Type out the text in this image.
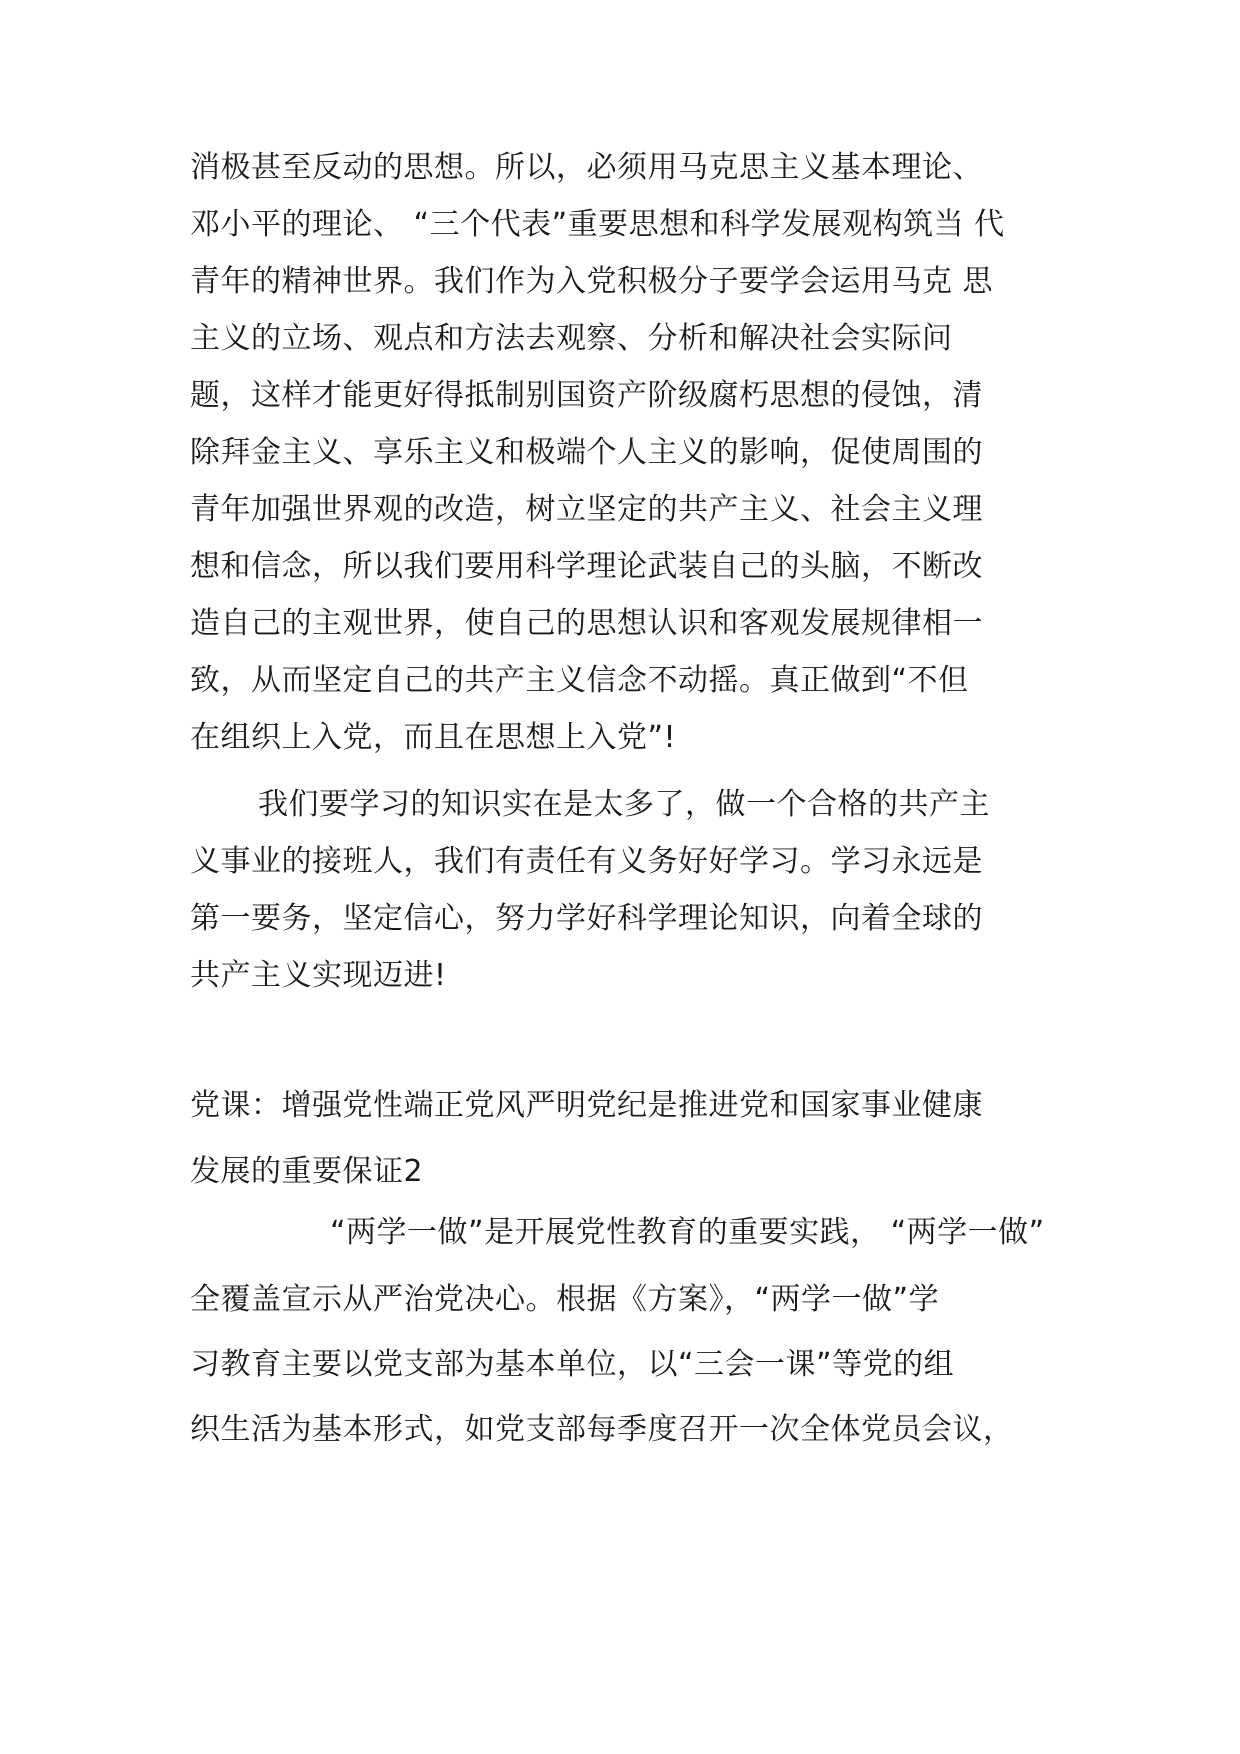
消极甚至反动的思想。所以，必须用马克思主义基本理论、
邓小平的理论、 “三个代表”重要思想和科学发展观构筑当 代
青年的精神世界。我们作为入党积极分子要学会运用马克 思
主义的立场、观点和方法去观察、分析和解决社会实际问
题，这样才能更好得抵制别国资产阶级腐朽思想的侵蚀，清
除拜金主义、享乐主义和极端个人主义的影响，促使周围的
青年加强世界观的改造，树立坚定的共产主义、社会主义理
想和信念，所以我们要用科学理论武装自己的头脑，不断改
造自己的主观世界，使自己的思想认识和客观发展规律相一
致，从而坚定自己的共产主义信念不动摇。真正做到“不但
在组织上入党，而且在思想上入党”!
我们要学习的知识实在是太多了，做一个合格的共产主
义事业的接班人，我们有责任有义务好好学习。学习永远是
第一要务，坚定信心，努力学好科学理论知识，向着全球的
共产主义实现迈进!
党课：增强党性端正党风严明党纪是推进党和国家事业健康
发展的重要保证2
“两学一做”是开展党性教育的重要实践， “两学一做”
全覆盖宣示从严治党决心。根据《方案》，“两学一做”学
习教育主要以党支部为基本单位，以“三会一课”等党的组
织生活为基本形式，如党支部每季度召开一次全体党员会议，
